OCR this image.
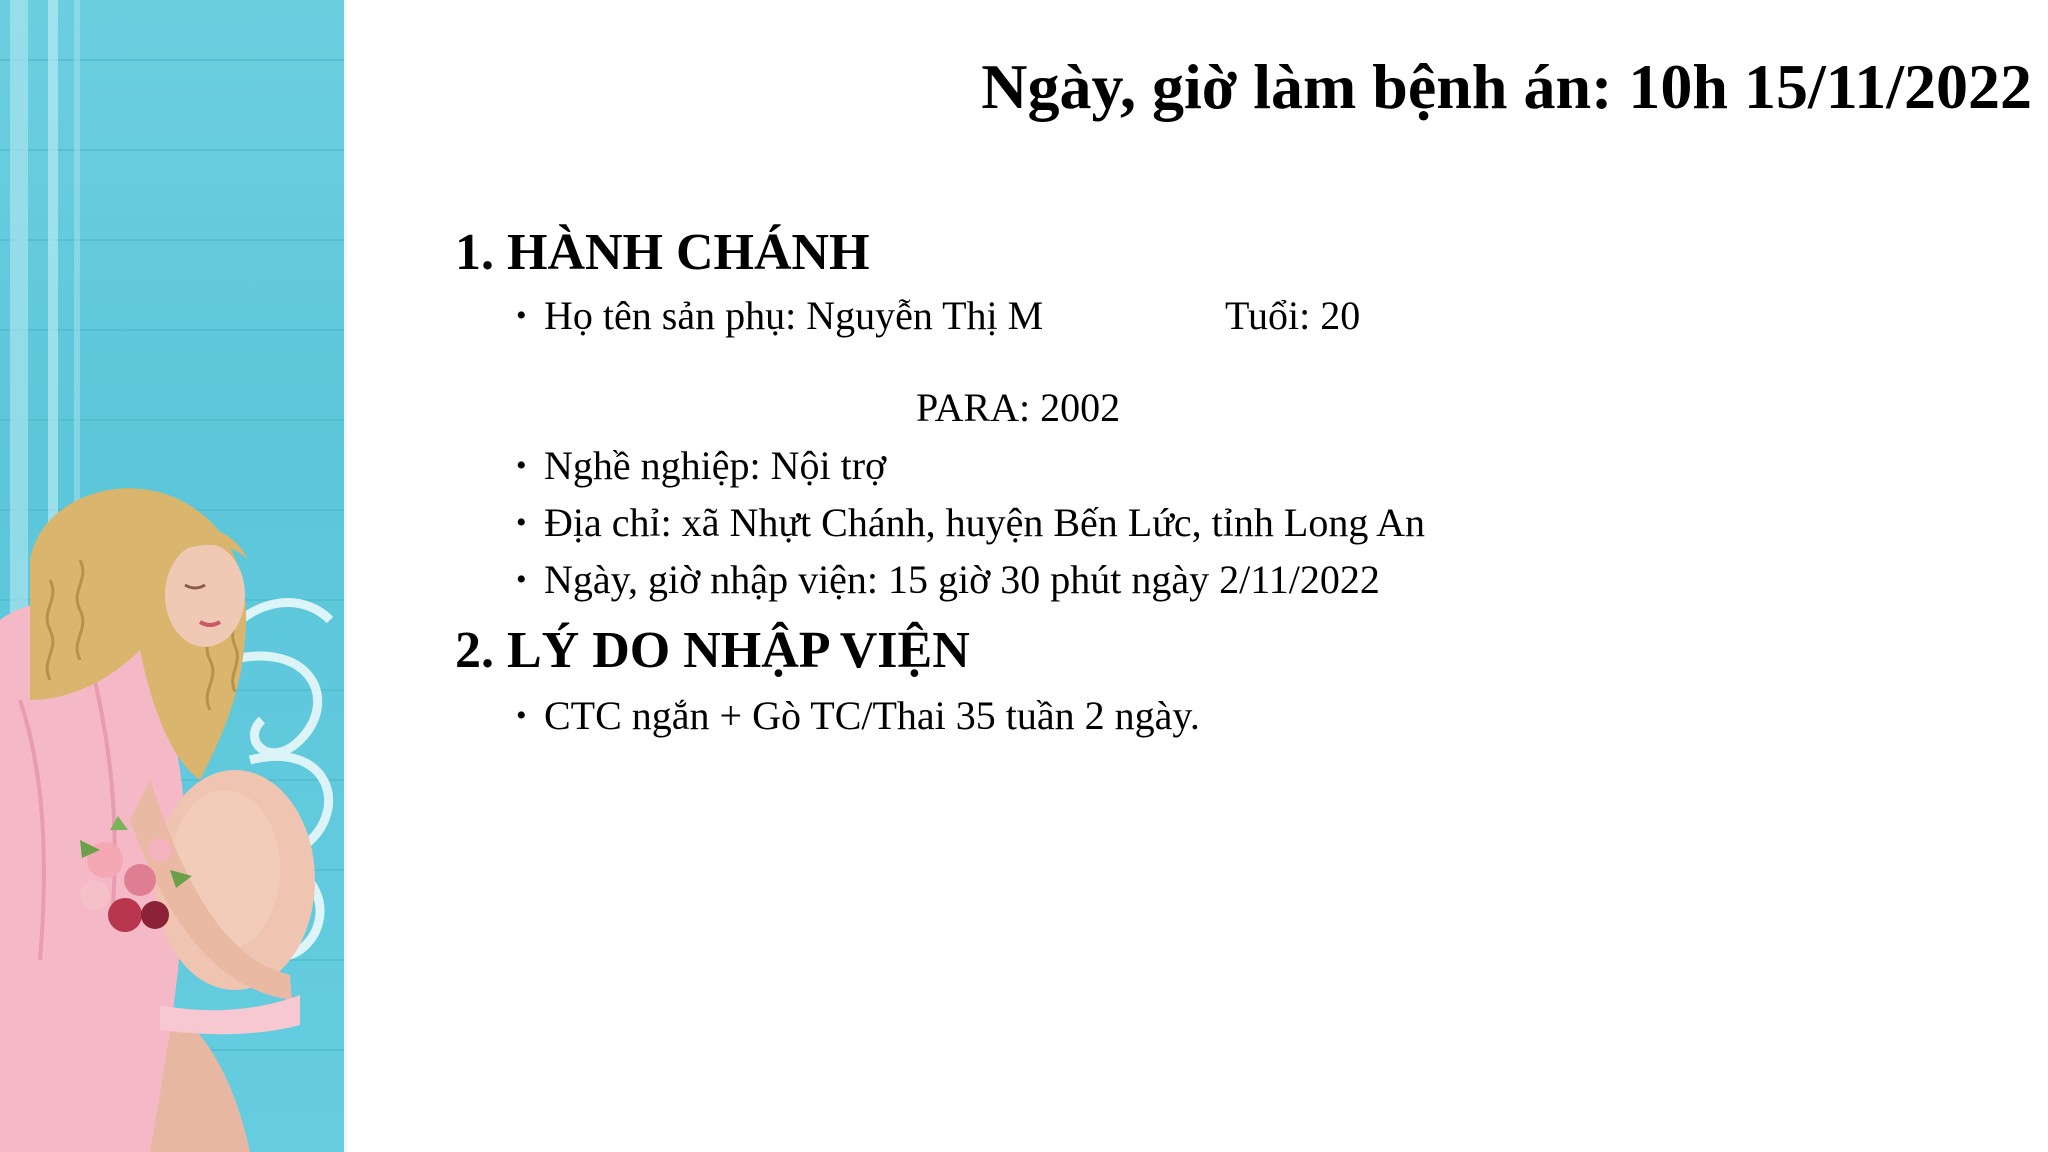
Ngày, giờ làm bệnh án: 10h 15/11/2022
1. HÀNH CHÁNH
• Họ tên sản phụ: Nguyễn Thị M	Tuổi: 20
PARA: 2002
• Nghề nghiệp: Nội trợ
• Địa chỉ: xã Nhựt Chánh, huyện Bến Lức, tỉnh Long An
• Ngày, giờ nhập viện: 15 giờ 30 phút ngày 2/11/2022
2. LÝ DO NHẬP VIỆN
• CTC ngắn + Gò TC/Thai 35 tuần 2 ngày.
